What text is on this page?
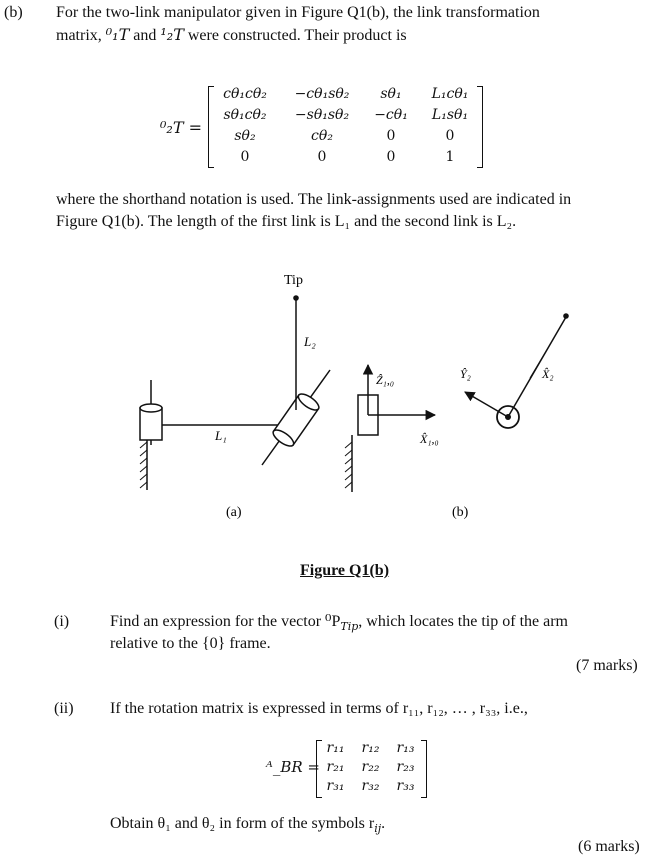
(b) For the two-link manipulator given in Figure Q1(b), the link transformation
matrix, ⁰₁T and ¹₂T were constructed. Their product is
⁰₂T =
cθ₁cθ₂	−cθ₁sθ₂	sθ₁	L₁cθ₁
sθ₁cθ₂	−sθ₁sθ₂	−cθ₁	L₁sθ₁
sθ₂	cθ₂	0	0
0	0	0	1
where the shorthand notation is used. The link-assignments used are indicated in
Figure Q1(b). The length of the first link is L₁ and the second link is L₂.
L₁
Tip
L₂
Ẑ₁,₀
X̂₁,₀
X̂₂
Ŷ₂
(a)	(b)
Figure Q1(b)
(i)	Find an expression for the vector $^0P_{Tip}$, which locates the tip of the arm
relative to the {0} frame.
(7 marks)
(ii) If the rotation matrix is expressed in terms of r₁₁, r₁₂, … , r₃₃, i.e.,
ᴬ_BR =
r₁₁	r₁₂	r₁₃
r₂₁	r₂₂	r₂₃
r₃₁	r₃₂	r₃₃
Obtain θ₁ and θ₂ in form of the symbols $r_{ij}$.
(6 marks)
